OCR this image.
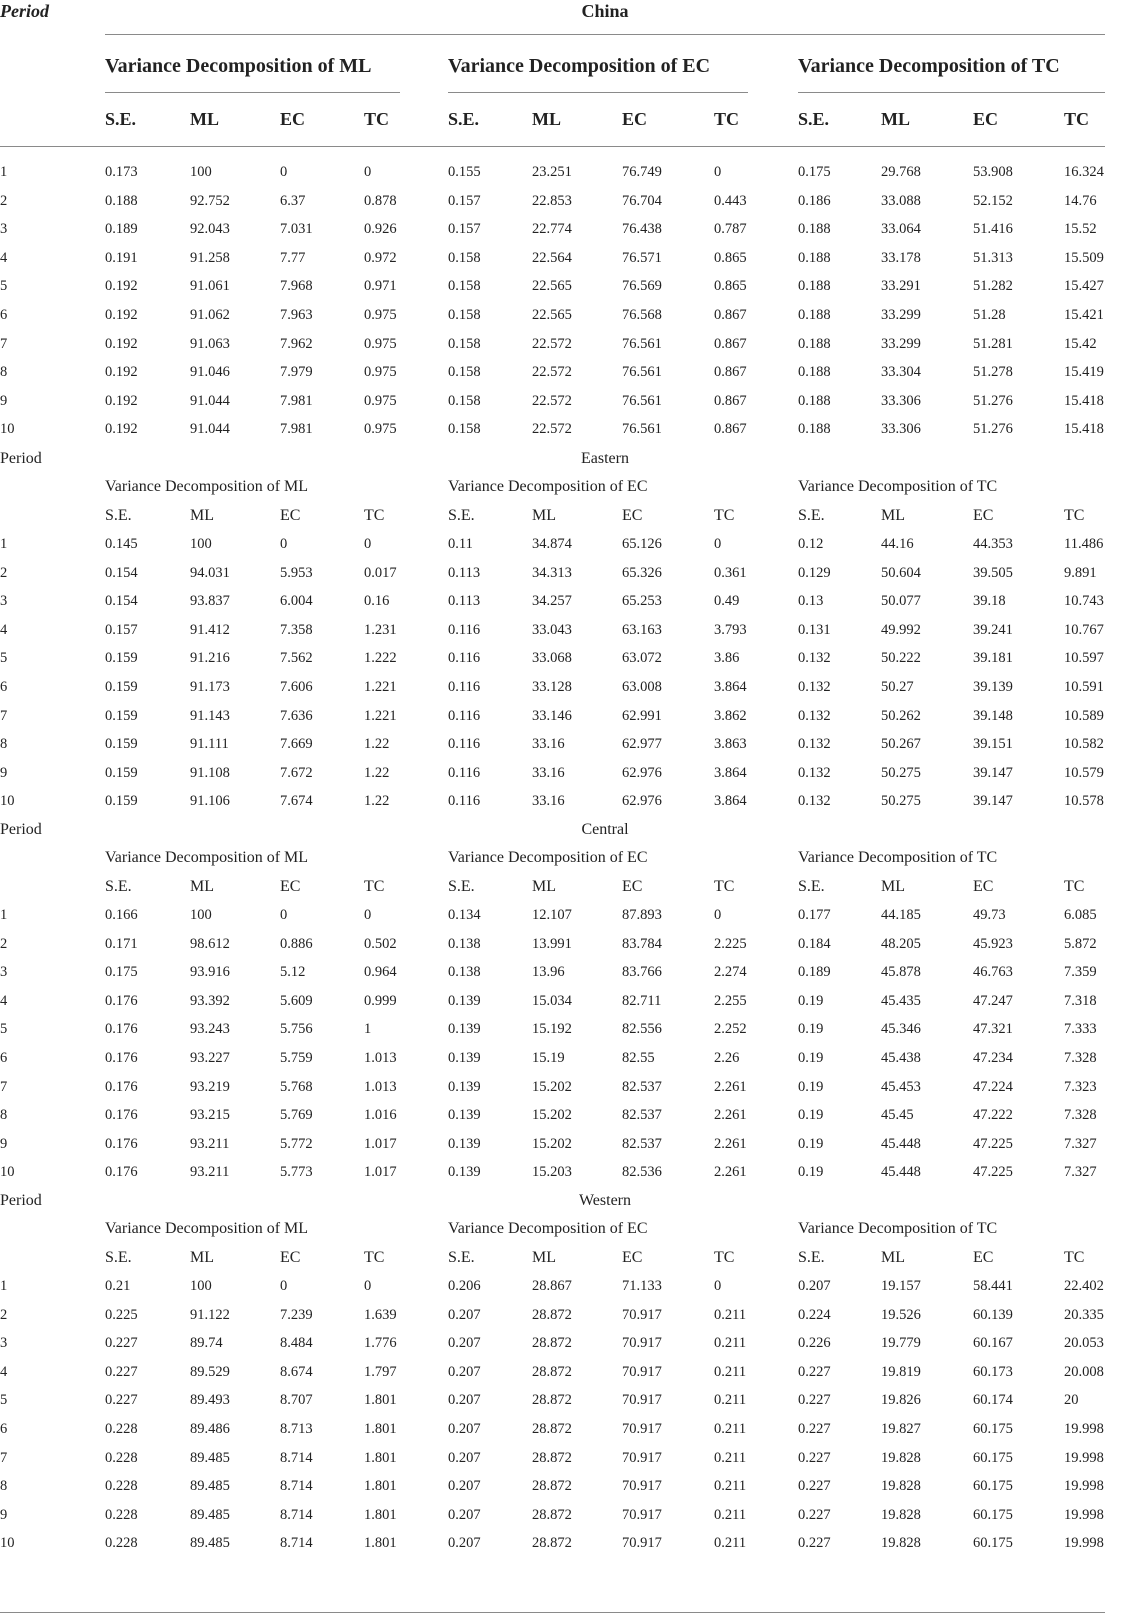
Period	China
Variance Decomposition of ML	Variance Decomposition of EC	Variance Decomposition of TC
S.E.	ML	EC	TC	S.E.	ML	EC	TC	S.E.	ML	EC	TC
1	0.173	100	0	0	0.155	23.251	76.749	0	0.175	29.768	53.908	16.324
2	0.188	92.752	6.37	0.878	0.157	22.853	76.704	0.443	0.186	33.088	52.152	14.76
3	0.189	92.043	7.031	0.926	0.157	22.774	76.438	0.787	0.188	33.064	51.416	15.52
4	0.191	91.258	7.77	0.972	0.158	22.564	76.571	0.865	0.188	33.178	51.313	15.509
5	0.192	91.061	7.968	0.971	0.158	22.565	76.569	0.865	0.188	33.291	51.282	15.427
6	0.192	91.062	7.963	0.975	0.158	22.565	76.568	0.867	0.188	33.299	51.28	15.421
7	0.192	91.063	7.962	0.975	0.158	22.572	76.561	0.867	0.188	33.299	51.281	15.42
8	0.192	91.046	7.979	0.975	0.158	22.572	76.561	0.867	0.188	33.304	51.278	15.419
9	0.192	91.044	7.981	0.975	0.158	22.572	76.561	0.867	0.188	33.306	51.276	15.418
10	0.192	91.044	7.981	0.975	0.158	22.572	76.561	0.867	0.188	33.306	51.276	15.418
Period	Eastern
Variance Decomposition of ML	Variance Decomposition of EC	Variance Decomposition of TC
S.E.	ML	EC	TC	S.E.	ML	EC	TC	S.E.	ML	EC	TC
1	0.145	100	0	0	0.11	34.874	65.126	0	0.12	44.16	44.353	11.486
2	0.154	94.031	5.953	0.017	0.113	34.313	65.326	0.361	0.129	50.604	39.505	9.891
3	0.154	93.837	6.004	0.16	0.113	34.257	65.253	0.49	0.13	50.077	39.18	10.743
4	0.157	91.412	7.358	1.231	0.116	33.043	63.163	3.793	0.131	49.992	39.241	10.767
5	0.159	91.216	7.562	1.222	0.116	33.068	63.072	3.86	0.132	50.222	39.181	10.597
6	0.159	91.173	7.606	1.221	0.116	33.128	63.008	3.864	0.132	50.27	39.139	10.591
7	0.159	91.143	7.636	1.221	0.116	33.146	62.991	3.862	0.132	50.262	39.148	10.589
8	0.159	91.111	7.669	1.22	0.116	33.16	62.977	3.863	0.132	50.267	39.151	10.582
9	0.159	91.108	7.672	1.22	0.116	33.16	62.976	3.864	0.132	50.275	39.147	10.579
10	0.159	91.106	7.674	1.22	0.116	33.16	62.976	3.864	0.132	50.275	39.147	10.578
Period	Central
Variance Decomposition of ML	Variance Decomposition of EC	Variance Decomposition of TC
S.E.	ML	EC	TC	S.E.	ML	EC	TC	S.E.	ML	EC	TC
1	0.166	100	0	0	0.134	12.107	87.893	0	0.177	44.185	49.73	6.085
2	0.171	98.612	0.886	0.502	0.138	13.991	83.784	2.225	0.184	48.205	45.923	5.872
3	0.175	93.916	5.12	0.964	0.138	13.96	83.766	2.274	0.189	45.878	46.763	7.359
4	0.176	93.392	5.609	0.999	0.139	15.034	82.711	2.255	0.19	45.435	47.247	7.318
5	0.176	93.243	5.756	1	0.139	15.192	82.556	2.252	0.19	45.346	47.321	7.333
6	0.176	93.227	5.759	1.013	0.139	15.19	82.55	2.26	0.19	45.438	47.234	7.328
7	0.176	93.219	5.768	1.013	0.139	15.202	82.537	2.261	0.19	45.453	47.224	7.323
8	0.176	93.215	5.769	1.016	0.139	15.202	82.537	2.261	0.19	45.45	47.222	7.328
9	0.176	93.211	5.772	1.017	0.139	15.202	82.537	2.261	0.19	45.448	47.225	7.327
10	0.176	93.211	5.773	1.017	0.139	15.203	82.536	2.261	0.19	45.448	47.225	7.327
Period	Western
Variance Decomposition of ML	Variance Decomposition of EC	Variance Decomposition of TC
S.E.	ML	EC	TC	S.E.	ML	EC	TC	S.E.	ML	EC	TC
1	0.21	100	0	0	0.206	28.867	71.133	0	0.207	19.157	58.441	22.402
2	0.225	91.122	7.239	1.639	0.207	28.872	70.917	0.211	0.224	19.526	60.139	20.335
3	0.227	89.74	8.484	1.776	0.207	28.872	70.917	0.211	0.226	19.779	60.167	20.053
4	0.227	89.529	8.674	1.797	0.207	28.872	70.917	0.211	0.227	19.819	60.173	20.008
5	0.227	89.493	8.707	1.801	0.207	28.872	70.917	0.211	0.227	19.826	60.174	20
6	0.228	89.486	8.713	1.801	0.207	28.872	70.917	0.211	0.227	19.827	60.175	19.998
7	0.228	89.485	8.714	1.801	0.207	28.872	70.917	0.211	0.227	19.828	60.175	19.998
8	0.228	89.485	8.714	1.801	0.207	28.872	70.917	0.211	0.227	19.828	60.175	19.998
9	0.228	89.485	8.714	1.801	0.207	28.872	70.917	0.211	0.227	19.828	60.175	19.998
10	0.228	89.485	8.714	1.801	0.207	28.872	70.917	0.211	0.227	19.828	60.175	19.998
